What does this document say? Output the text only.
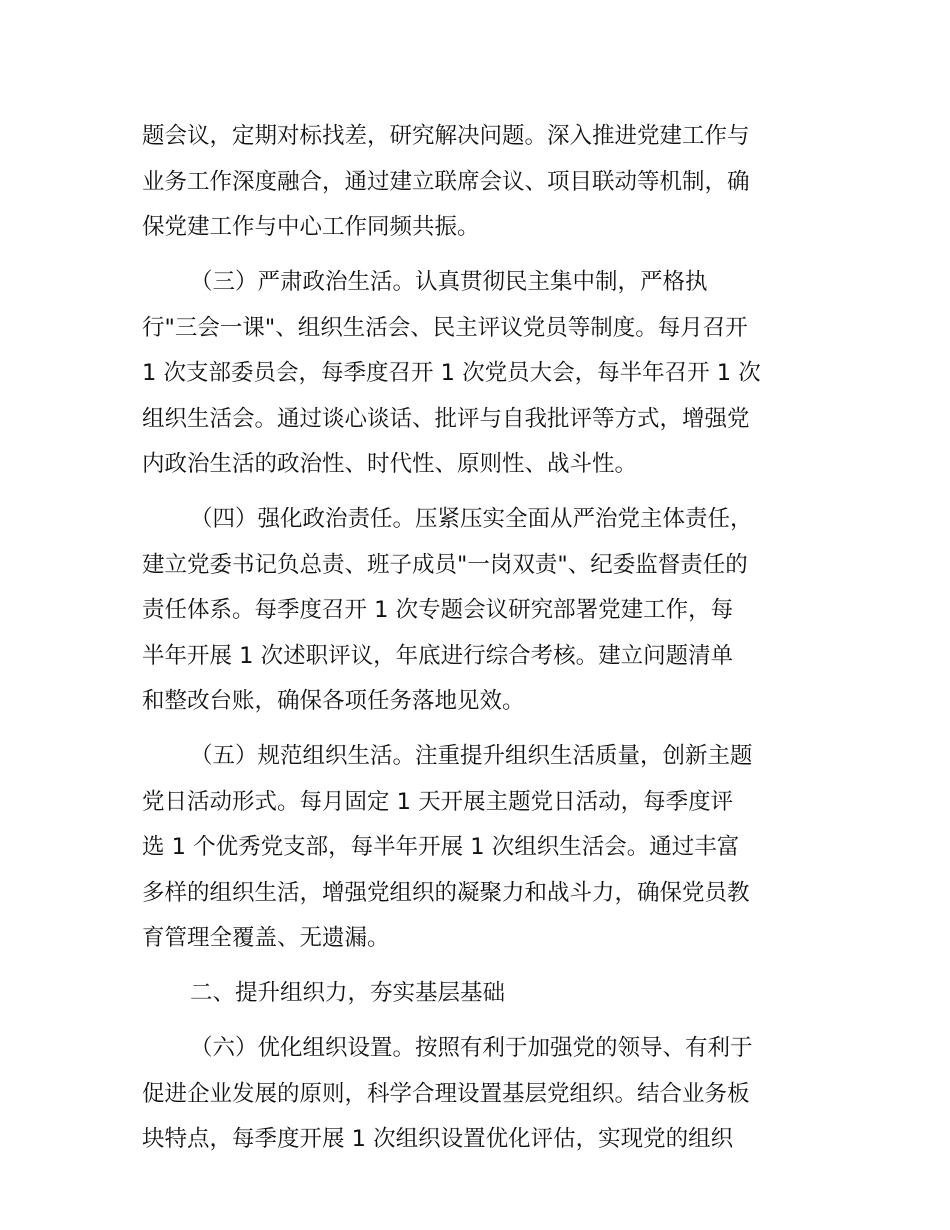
题会议，定期对标找差，研究解决问题。深入推进党建工作与
业务工作深度融合，通过建立联席会议、项目联动等机制，确
保党建工作与中心工作同频共振。
（三）严肃政治生活。认真贯彻民主集中制，严格执
行"三会一课"、组织生活会、民主评议党员等制度。每月召开
1 次支部委员会，每季度召开 1 次党员大会，每半年召开 1 次
组织生活会。通过谈心谈话、批评与自我批评等方式，增强党
内政治生活的政治性、时代性、原则性、战斗性。
（四）强化政治责任。压紧压实全面从严治党主体责任，
建立党委书记负总责、班子成员"一岗双责"、纪委监督责任的
责任体系。每季度召开 1 次专题会议研究部署党建工作，每
半年开展 1 次述职评议，年底进行综合考核。建立问题清单
和整改台账，确保各项任务落地见效。
（五）规范组织生活。注重提升组织生活质量，创新主题
党日活动形式。每月固定 1 天开展主题党日活动，每季度评
选 1 个优秀党支部，每半年开展 1 次组织生活会。通过丰富
多样的组织生活，增强党组织的凝聚力和战斗力，确保党员教
育管理全覆盖、无遗漏。
二、提升组织力，夯实基层基础
（六）优化组织设置。按照有利于加强党的领导、有利于
促进企业发展的原则，科学合理设置基层党组织。结合业务板
块特点，每季度开展 1 次组织设置优化评估，实现党的组织
